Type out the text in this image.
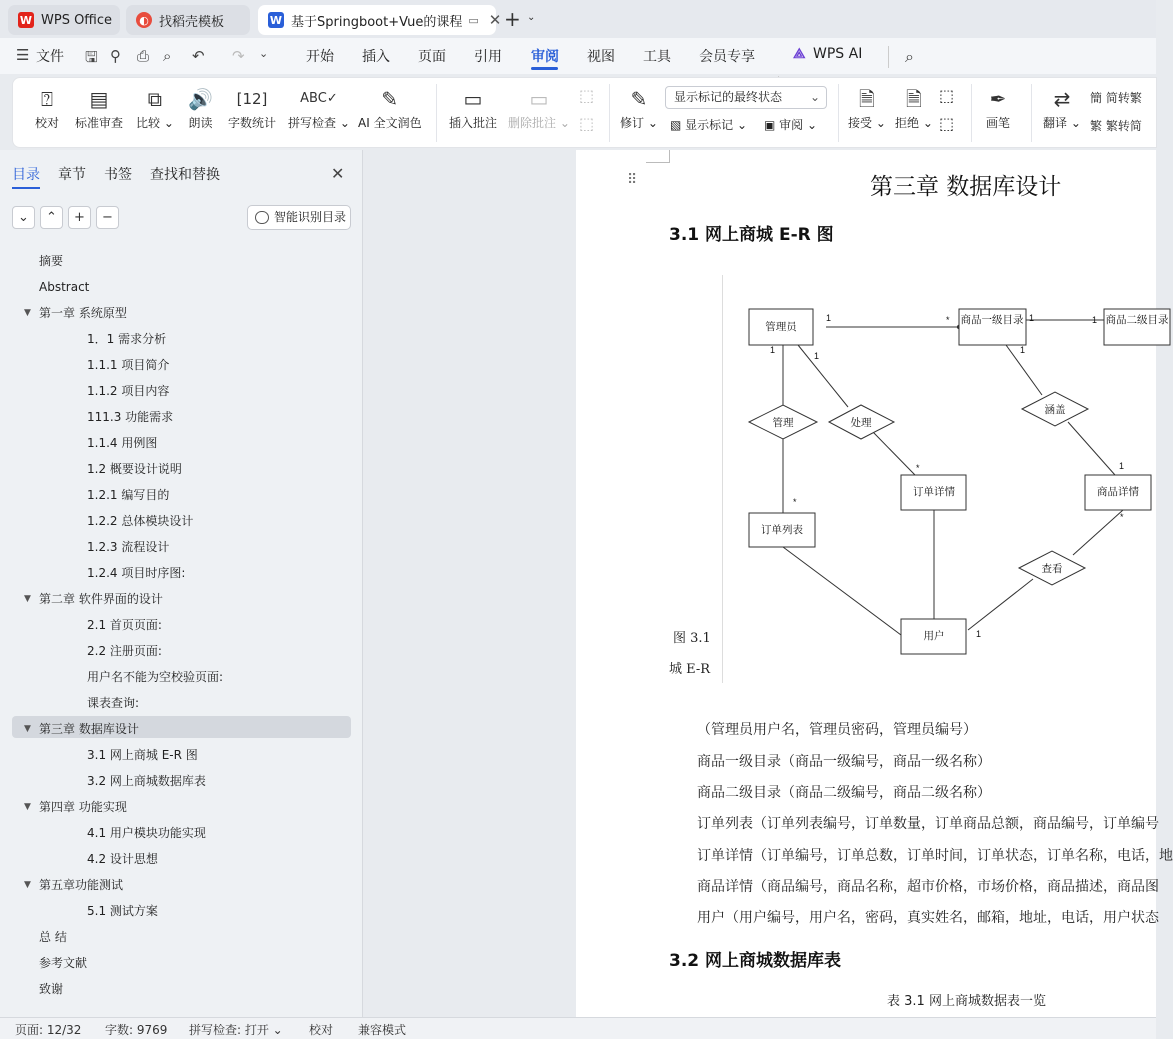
W WPS Office ◐ 找稻壳模板	W 基于Springboot+Vue的课程 ▭ ✕ + ⌄
☰ 文件 🖫 ⚲ ⎙ ⌕ ↶ ↷ ⌄	开始 插入 页面 引用 审阅 视图 工具 会员专享	⟁ WPS AI	⌕
⍰
校对
▤
标准审查
⧉
比较 ⌄
🔊
朗读
[12]
字数统计
ABC✓
拼写检查 ⌄
✎
AI 全文润色
▭
插入批注
▭
删除批注 ⌄
⬚
⬚
✎
修订 ⌄
显示标记的最终状态 ⌄
▧ 显示标记 ⌄ ▣ 审阅 ⌄
🗎
接受 ⌄
🗎
拒绝 ⌄
⬚
⬚
✒
画笔
⇄
翻译 ⌄
簡 简转繁
繁 繁转简
目录 章节 书签 查找和替换	✕
⌄	⌃	+	−	智能识别目录
摘要
Abstract
▼ 第一章 系统原型
1．1 需求分析
1.1.1 项目简介
1.1.2 项目内容
111.3 功能需求
1.1.4 用例图
1.2 概要设计说明
1.2.1 编写目的
1.2.2 总体模块设计
1.2.3 流程设计
1.2.4 项目时序图:
▼ 第二章 软件界面的设计
2.1 首页页面:
2.2 注册页面:
用户名不能为空校验页面:
课表查询:
▼ 第三章 数据库设计
3.1 网上商城 E-R 图
3.2 网上商城数据库表
▼ 第四章 功能实现
4.1 用户模块功能实现
4.2 设计思想
▼ 第五章功能测试
5.1 测试方案
总 结
参考文献
致谢
⠿	第三章 数据库设计
3.1 网上商城 E-R 图
管理员
商品一级目录	商品二级目录
订单详情	商品详情
订单列表
用户
管理	处理
涵盖
查看
1	*	1	1
1
1
1
*
*
1
*
1
图 3.1
城 E-R
（管理员用户名，管理员密码，管理员编号）
商品一级目录（商品一级编号，商品一级名称）
商品二级目录（商品二级编号，商品二级名称）
订单列表（订单列表编号，订单数量，订单商品总额，商品编号，订单编号
订单详情（订单编号，订单总数，订单时间，订单状态，订单名称，电话，地
商品详情（商品编号，商品名称，超市价格，市场价格，商品描述，商品图
用户（用户编号，用户名，密码，真实姓名，邮箱，地址，电话，用户状态
3.2 网上商城数据库表
表 3.1 网上商城数据表一览
页面: 12/32 字数: 9769 拼写检查: 打开 ⌄ 校对 兼容模式
